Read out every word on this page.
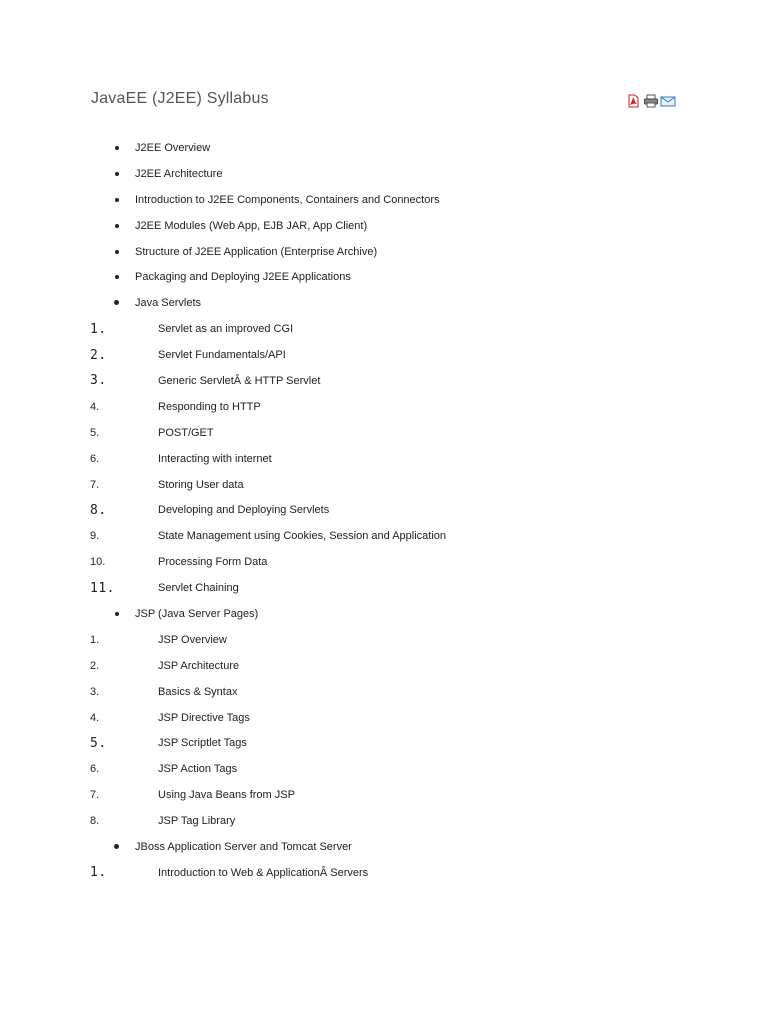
JavaEE (J2EE) Syllabus
J2EE Overview
J2EE Architecture
Introduction to J2EE Components, Containers and Connectors
J2EE Modules (Web App, EJB JAR, App Client)
Structure of J2EE Application (Enterprise Archive)
Packaging and Deploying J2EE Applications
Java Servlets
1.	Servlet as an improved CGI
2.	Servlet Fundamentals/API
3.	Generic ServletÂ & HTTP Servlet
4.	Responding to HTTP
5.	POST/GET
6.	Interacting with internet
7.	Storing User data
8.	Developing and Deploying Servlets
9.	State Management using Cookies, Session and Application
10.	Processing Form Data
11.	Servlet Chaining
JSP (Java Server Pages)
1.	JSP Overview
2.	JSP Architecture
3.	Basics & Syntax
4.	JSP Directive Tags
5.	JSP Scriptlet Tags
6.	JSP Action Tags
7.	Using Java Beans from JSP
8.	JSP Tag Library
JBoss Application Server and Tomcat Server
1.	Introduction to Web & ApplicationÂ Servers
